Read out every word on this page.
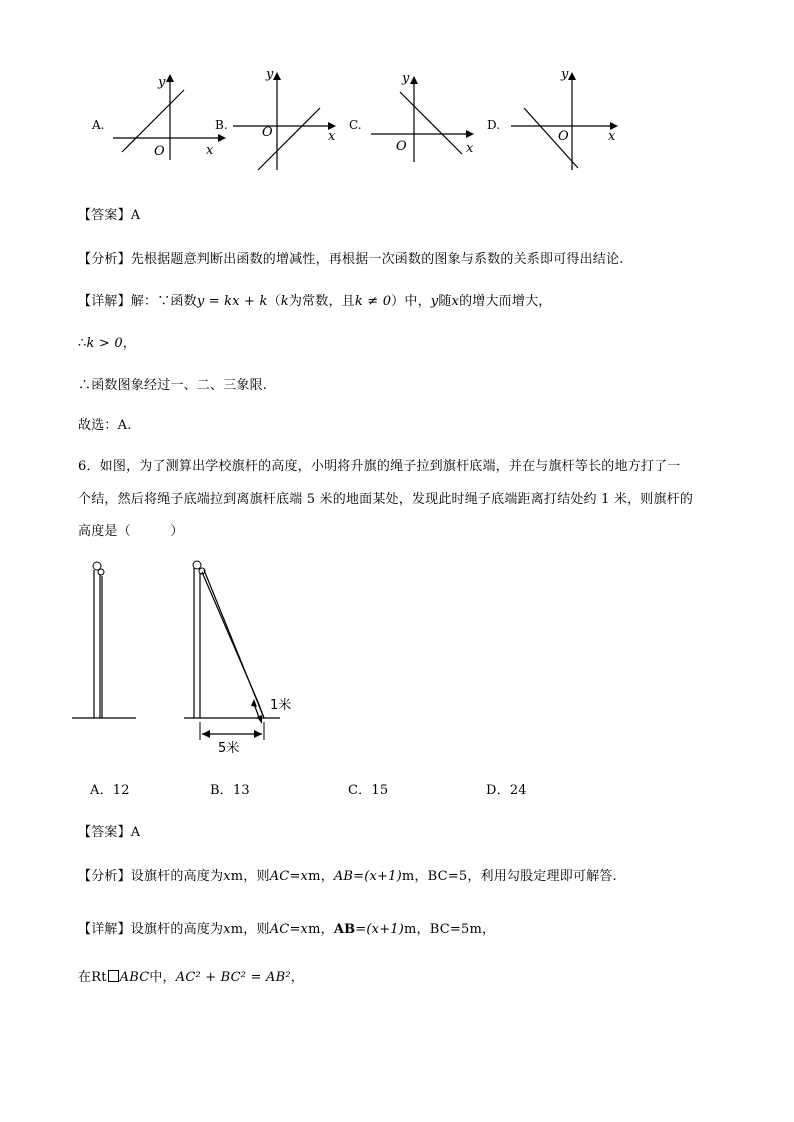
A.
O	x
y
B.	O	x
y
C.
O	x
y
D.
O	x
y
【答案】A
【分析】先根据题意判断出函数的增减性，再根据一次函数的图象与系数的关系即可得出结论.
【详解】解：∵函数y = kx + k（k为常数，且k ≠ 0）中，y随x的增大而增大，
∴k > 0，
∴函数图象经过一、二、三象限.
故选：A.
6．如图，为了测算出学校旗杆的高度，小明将升旗的绳子拉到旗杆底端，并在与旗杆等长的地方打了一
个结，然后将绳子底端拉到离旗杆底端 5 米的地面某处，发现此时绳子底端距离打结处约 1 米，则旗杆的
高度是（　　　）
1米
5米
A．12	B．13	C．15	D．24
【答案】A
【分析】设旗杆的高度为xm，则AC=xm，AB=(x+1)m，BC=5，利用勾股定理即可解答.
【详解】设旗杆的高度为xm，则AC=xm，AB=(x+1)m，BC=5m，
在Rt ABC中，AC² + BC² = AB²，
